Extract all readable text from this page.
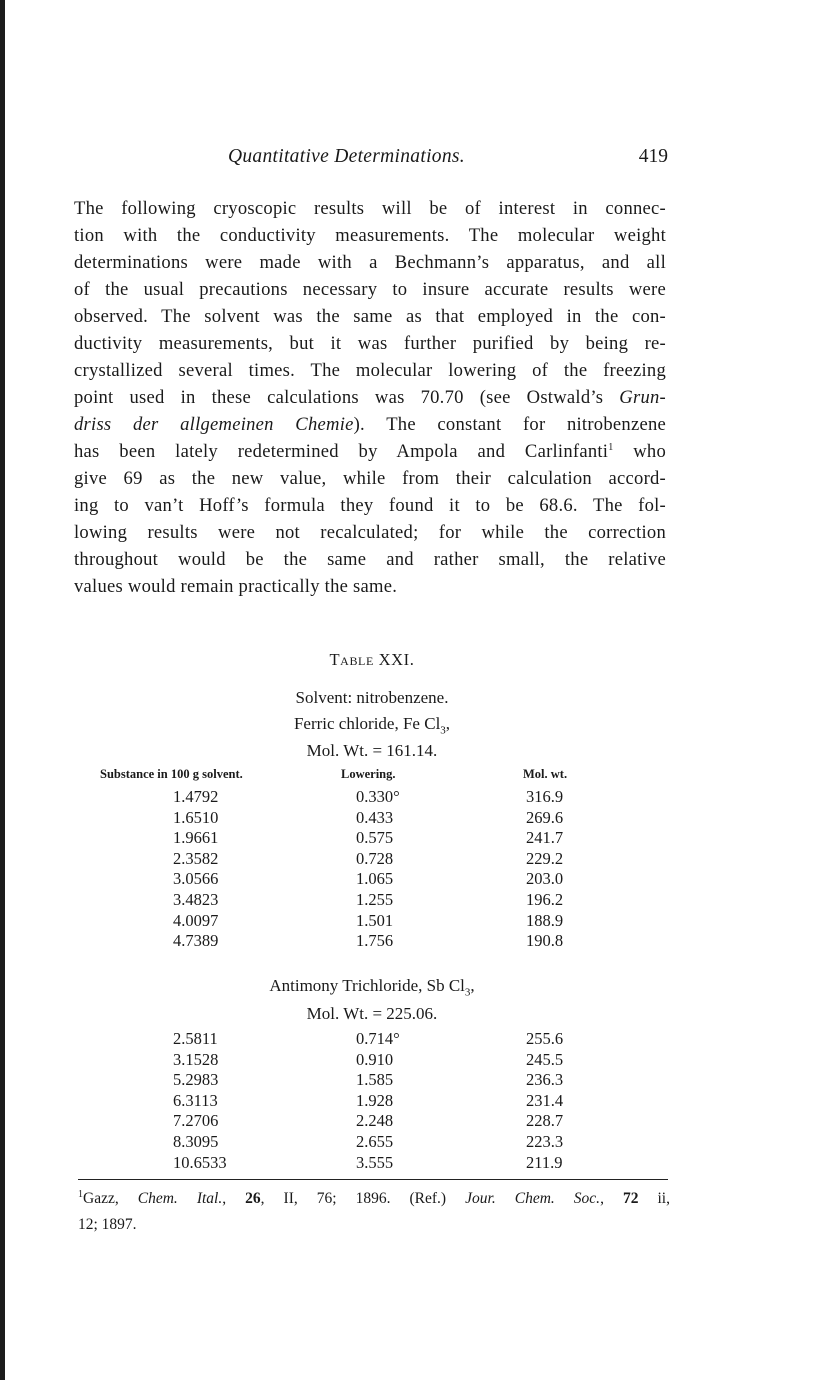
Quantitative Determinations.	419
The following cryoscopic results will be of interest in connec-
tion with the conductivity measurements. The molecular weight
determinations were made with a Bechmann’s apparatus, and all
of the usual precautions necessary to insure accurate results were
observed. The solvent was the same as that employed in the con-
ductivity measurements, but it was further purified by being re-
crystallized several times. The molecular lowering of the freezing
point used in these calculations was 70.70 (see Ostwald’s Grun-
driss der allgemeinen Chemie). The constant for nitrobenzene
has been lately redetermined by Ampola and Carlinfanti$^1$ who
give 69 as the new value, while from their calculation accord-
ing to van’t Hoff’s formula they found it to be 68.6. The fol-
lowing results were not recalculated; for while the correction
throughout would be the same and rather small, the relative
values would remain practically the same.
Table XXI.
Solvent: nitrobenzene.
Ferric chloride, Fe $Cl_3$,
Mol. Wt. = 161.14.
Substance in 100 g solvent.	Lowering.	Mol. wt.
1.4792	0.330°	316.9
1.6510	0.433	269.6
1.9661	0.575	241.7
2.3582	0.728	229.2
3.0566	1.065	203.0
3.4823	1.255	196.2
4.0097	1.501	188.9
4.7389	1.756	190.8
Antimony Trichloride, Sb $Cl_3$,
Mol. Wt. = 225.06.
2.5811	0.714°	255.6
3.1528	0.910	245.5
5.2983	1.585	236.3
6.3113	1.928	231.4
7.2706	2.248	228.7
8.3095	2.655	223.3
10.6533	3.555	211.9
$^1$Gazz, Chem. Ital., 26, II, 76; 1896. (Ref.) Jour. Chem. Soc., 72 ii,
12; 1897.
